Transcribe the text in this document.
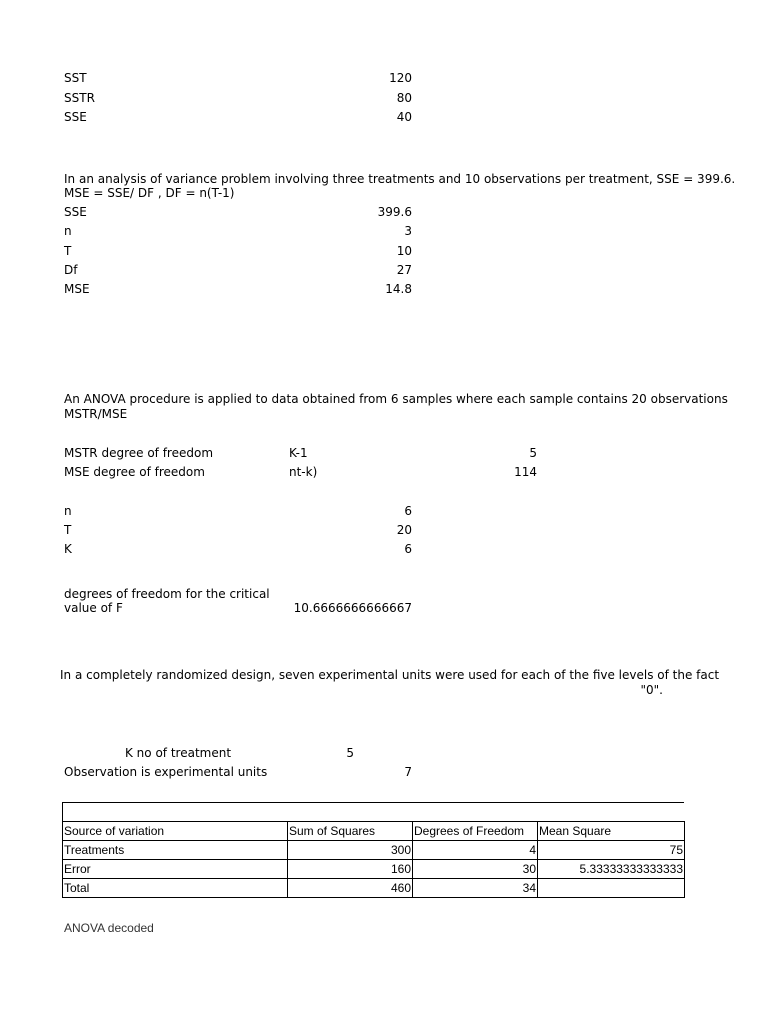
SST	120
SSTR	80
SSE	40
In an analysis of variance problem involving three treatments and 10 observations per treatment, SSE = 399.6.
MSE = SSE/ DF , DF = n(T-1)
SSE	399.6
n	3
T	10
Df	27
MSE	14.8
An ANOVA procedure is applied to data obtained from 6 samples where each sample contains 20 observations
MSTR/MSE
MSTR degree of freedom	K-1	5
MSE degree of freedom	nt-k)	114
n	6
T	20
K	6
degrees of freedom for the critical
value of F	10.6666666666667
In a completely randomized design, seven experimental units were used for each of the five levels of the fact
"0".
K no of treatment	5
Observation is experimental units	7
Source of variation	Sum of Squares	Degrees of Freedom	Mean Square
Treatments	300	4	75
Error	160	30	5.33333333333333
Total	460	34	
ANOVA decoded
